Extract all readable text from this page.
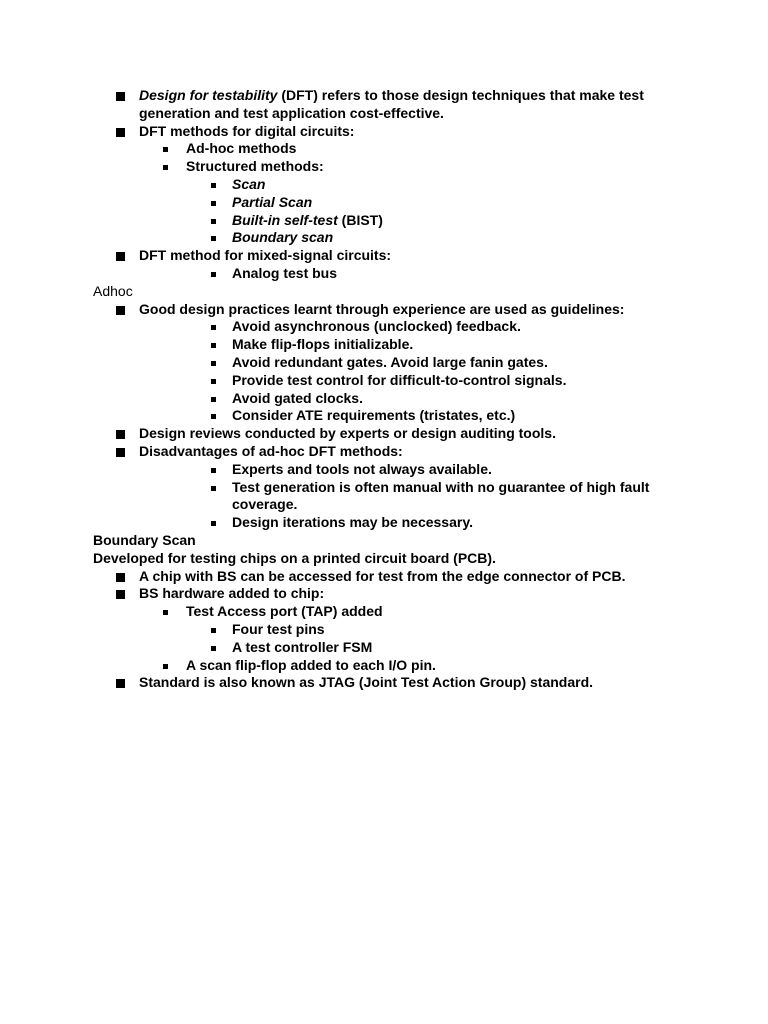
Design for testability (DFT) refers to those design techniques that make test
generation and test application cost-effective.
DFT methods for digital circuits:
Ad-hoc methods
Structured methods:
Scan
Partial Scan
Built-in self-test (BIST)
Boundary scan
DFT method for mixed-signal circuits:
Analog test bus
Adhoc
Good design practices learnt through experience are used as guidelines:
Avoid asynchronous (unclocked) feedback.
Make flip-flops initializable.
Avoid redundant gates. Avoid large fanin gates.
Provide test control for difficult-to-control signals.
Avoid gated clocks.
Consider ATE requirements (tristates, etc.)
Design reviews conducted by experts or design auditing tools.
Disadvantages of ad-hoc DFT methods:
Experts and tools not always available.
Test generation is often manual with no guarantee of high fault
coverage.
Design iterations may be necessary.
Boundary Scan
Developed for testing chips on a printed circuit board (PCB).
A chip with BS can be accessed for test from the edge connector of PCB.
BS hardware added to chip:
Test Access port (TAP) added
Four test pins
A test controller FSM
A scan flip-flop added to each I/O pin.
Standard is also known as JTAG (Joint Test Action Group) standard.
